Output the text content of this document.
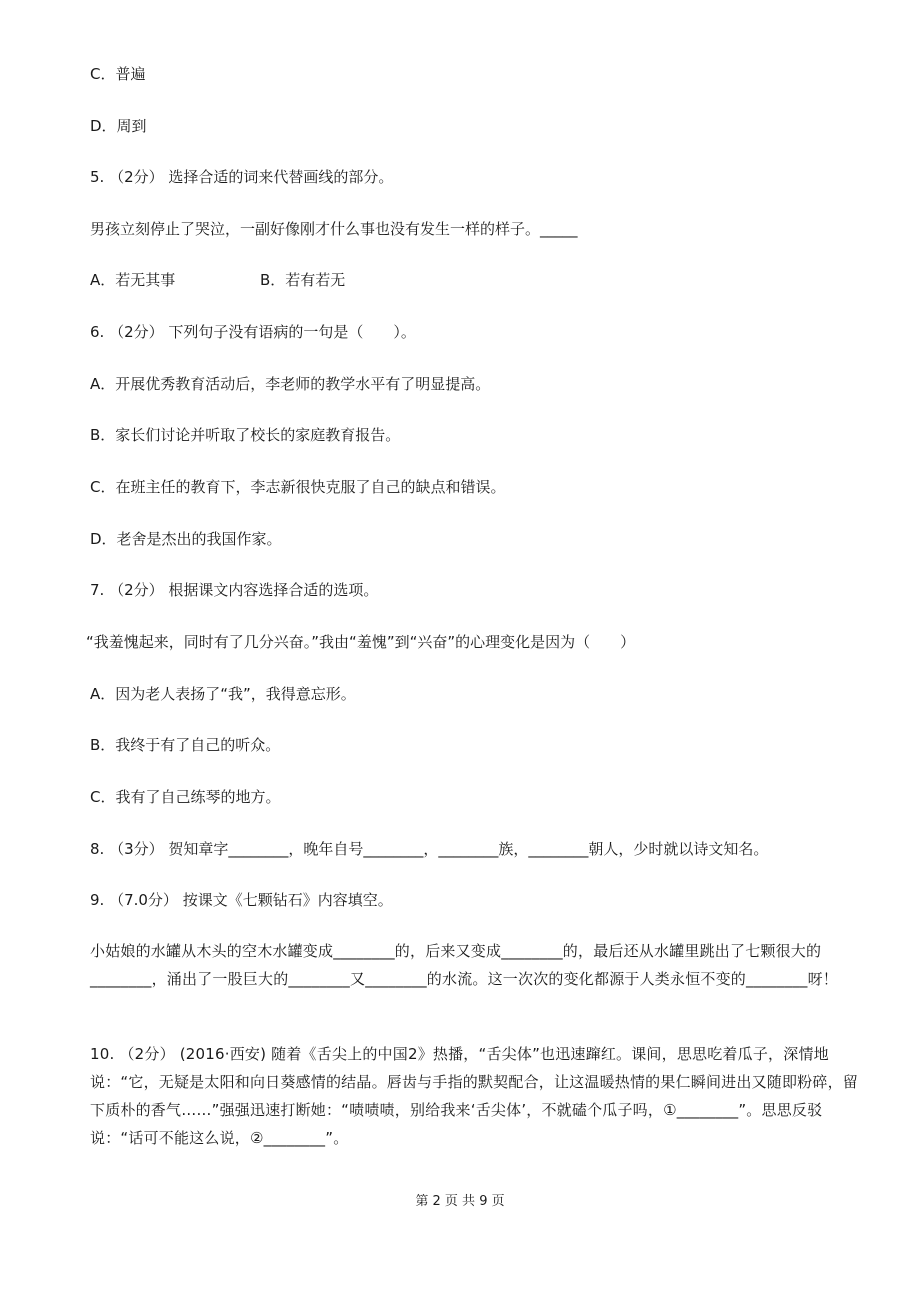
C．普遍
D．周到
5. （2分） 选择合适的词来代替画线的部分。
男孩立刻停止了哭泣，一副好像刚才什么事也没有发生一样的样子。_____
A．若无其事	B．若有若无
6. （2分） 下列句子没有语病的一句是（　　）。
A．开展优秀教育活动后，李老师的教学水平有了明显提高。
B．家长们讨论并听取了校长的家庭教育报告。
C．在班主任的教育下，李志新很快克服了自己的缺点和错误。
D．老舍是杰出的我国作家。
7. （2分） 根据课文内容选择合适的选项。
“我羞愧起来，同时有了几分兴奋。”我由“羞愧”到“兴奋”的心理变化是因为（　　）
A．因为老人表扬了“我”，我得意忘形。
B．我终于有了自己的听众。
C．我有了自己练琴的地方。
8. （3分） 贺知章字________，晚年自号________，________族，________朝人，少时就以诗文知名。
9. （7.0分） 按课文《七颗钻石》内容填空。
小姑娘的水罐从木头的空木水罐变成________的，后来又变成________的，最后还从水罐里跳出了七颗很大的________，涌出了一股巨大的________又________的水流。这一次次的变化都源于人类永恒不变的________呀！
10. （2分） (2016·西安) 随着《舌尖上的中国2》热播，“舌尖体”也迅速蹿红。课间，思思吃着瓜子，深情地说：“它，无疑是太阳和向日葵感情的结晶。唇齿与手指的默契配合，让这温暖热情的果仁瞬间进出又随即粉碎，留下质朴的香气……”强强迅速打断她：“啧啧啧，别给我来‘舌尖体’，不就磕个瓜子吗，①________”。思思反驳说：“话可不能这么说，②________”。
第 2 页 共 9 页
